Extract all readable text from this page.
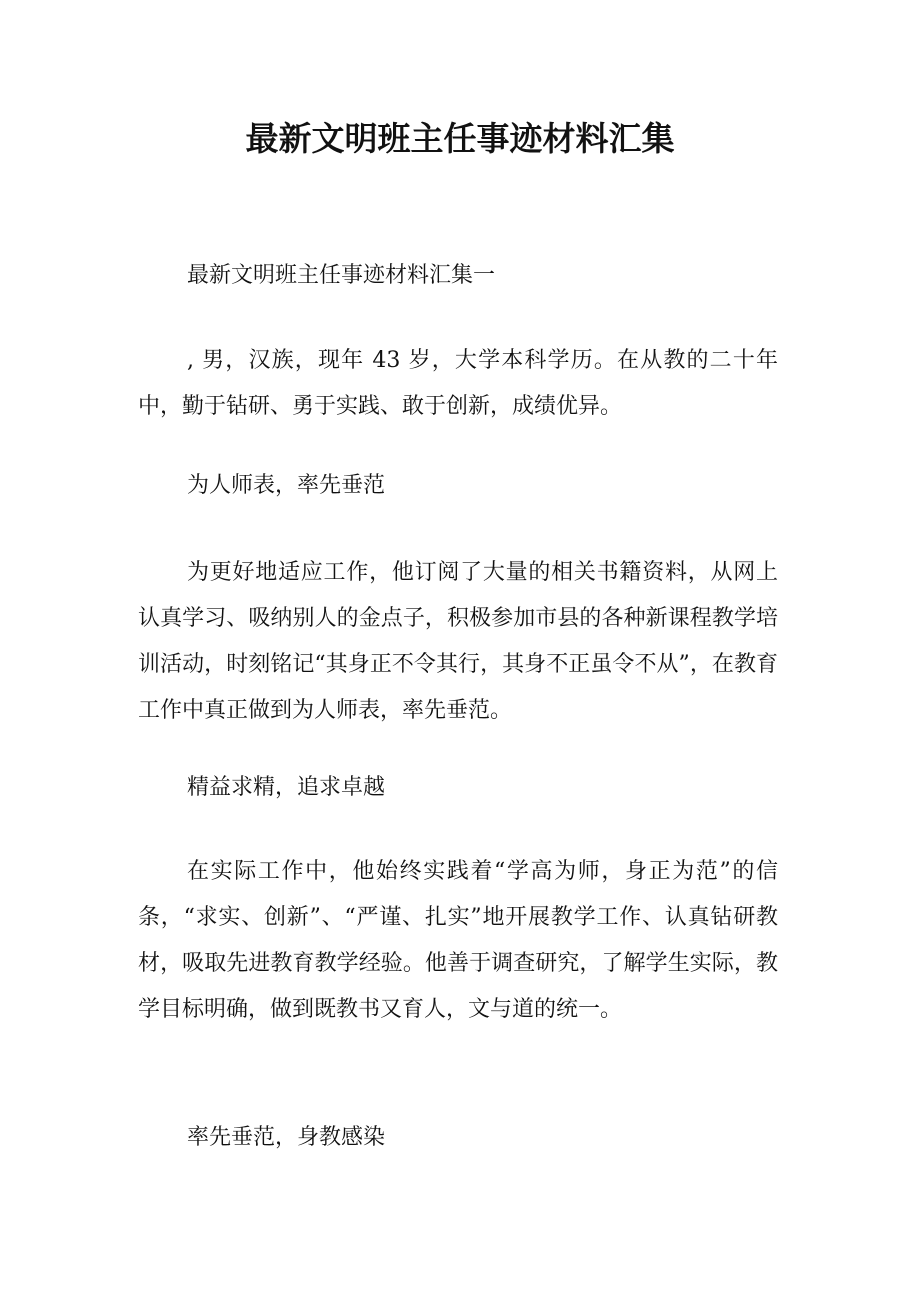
最新文明班主任事迹材料汇集

最新文明班主任事迹材料汇集一

, 男，汉族，现年 43 岁，大学本科学历。在从教的二十年中，勤于钻研、勇于实践、敢于创新，成绩优异。

为人师表，率先垂范

为更好地适应工作，他订阅了大量的相关书籍资料，从网上认真学习、吸纳别人的金点子，积极参加市县的各种新课程教学培训活动，时刻铭记“其身正不令其行，其身不正虽令不从”，在教育工作中真正做到为人师表，率先垂范。

精益求精，追求卓越

在实际工作中，他始终实践着“学高为师，身正为范”的信条，“求实、创新”、“严谨、扎实”地开展教学工作、认真钻研教材，吸取先进教育教学经验。他善于调查研究，了解学生实际，教学目标明确，做到既教书又育人，文与道的统一。

率先垂范，身教感染
